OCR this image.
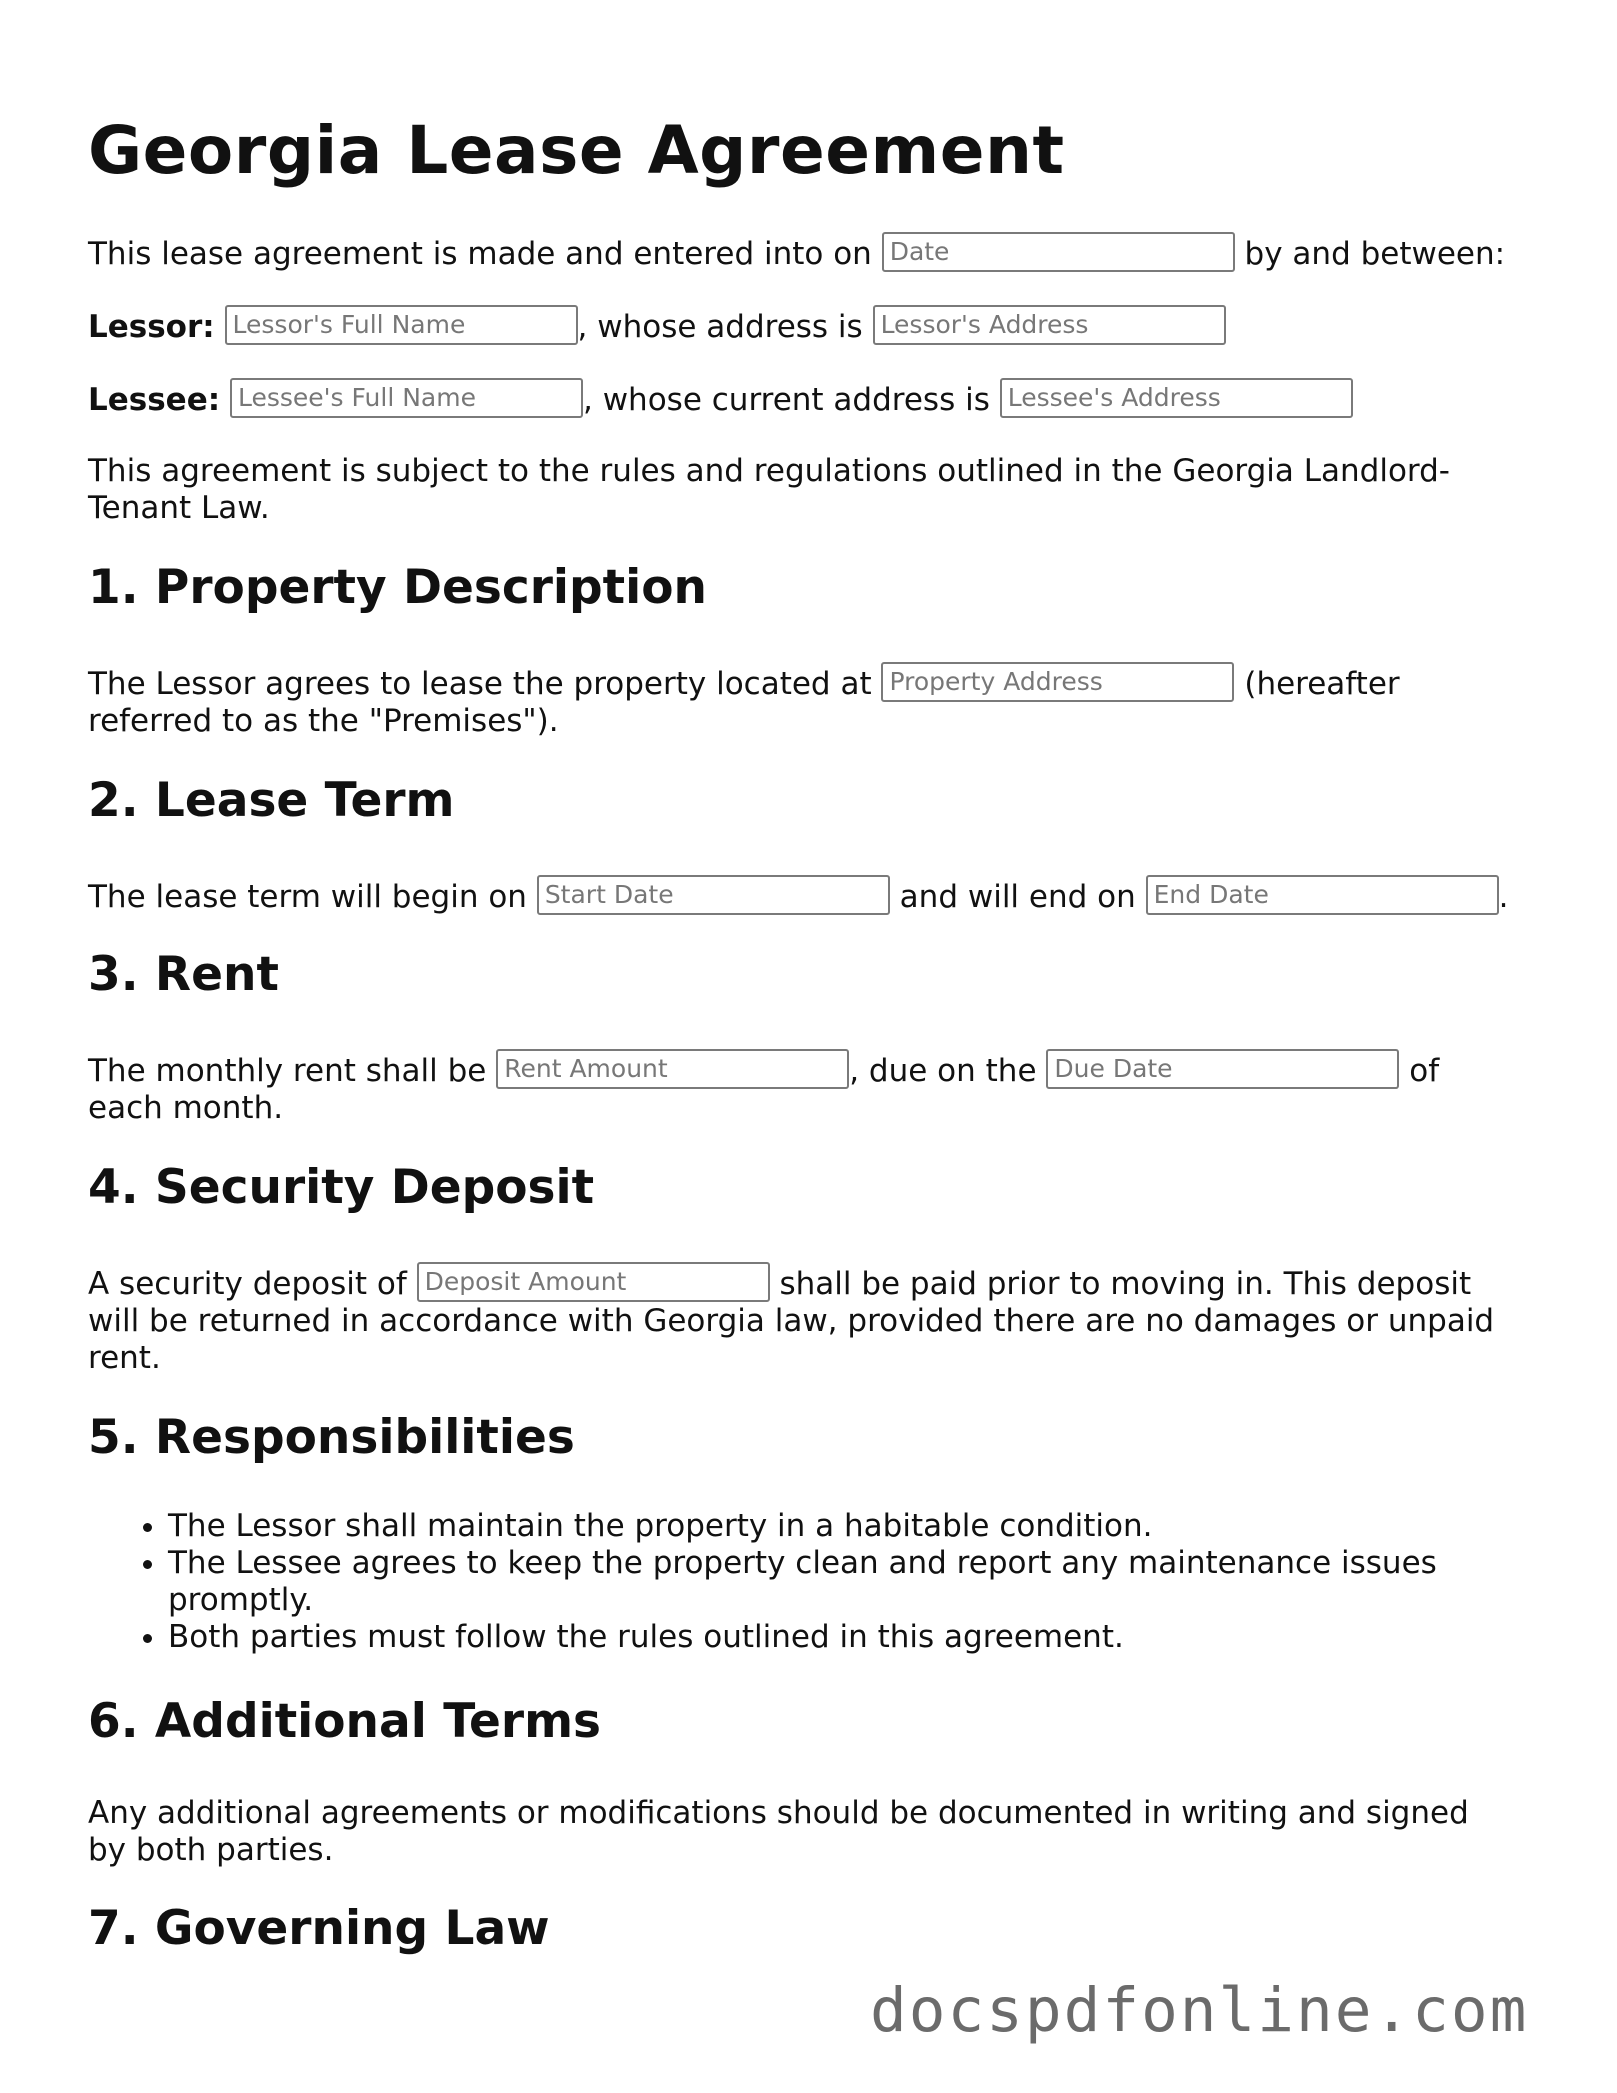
Georgia Lease Agreement
This lease agreement is made and entered into on Date	by and between:
Lessor: Lessor's Full Name	, whose address is Lessor's Address
Lessee: Lessee's Full Name	, whose current address is Lessee's Address
This agreement is subject to the rules and regulations outlined in the Georgia Landlord-Tenant Law.
1. Property Description
The Lessor agrees to lease the property located at Property Address	(hereafter referred to as the "Premises").
2. Lease Term
The lease term will begin on Start Date	and will end on End Date	.
3. Rent
The monthly rent shall be Rent Amount	, due on the Due Date	of each month.
4. Security Deposit
A security deposit of Deposit Amount	shall be paid prior to moving in. This deposit will be returned in accordance with Georgia law, provided there are no damages or unpaid rent.
5. Responsibilities
• The Lessor shall maintain the property in a habitable condition.
• The Lessee agrees to keep the property clean and report any maintenance issues promptly.
• Both parties must follow the rules outlined in this agreement.
6. Additional Terms
Any additional agreements or modifications should be documented in writing and signed by both parties.
7. Governing Law
docspdfonline.com
